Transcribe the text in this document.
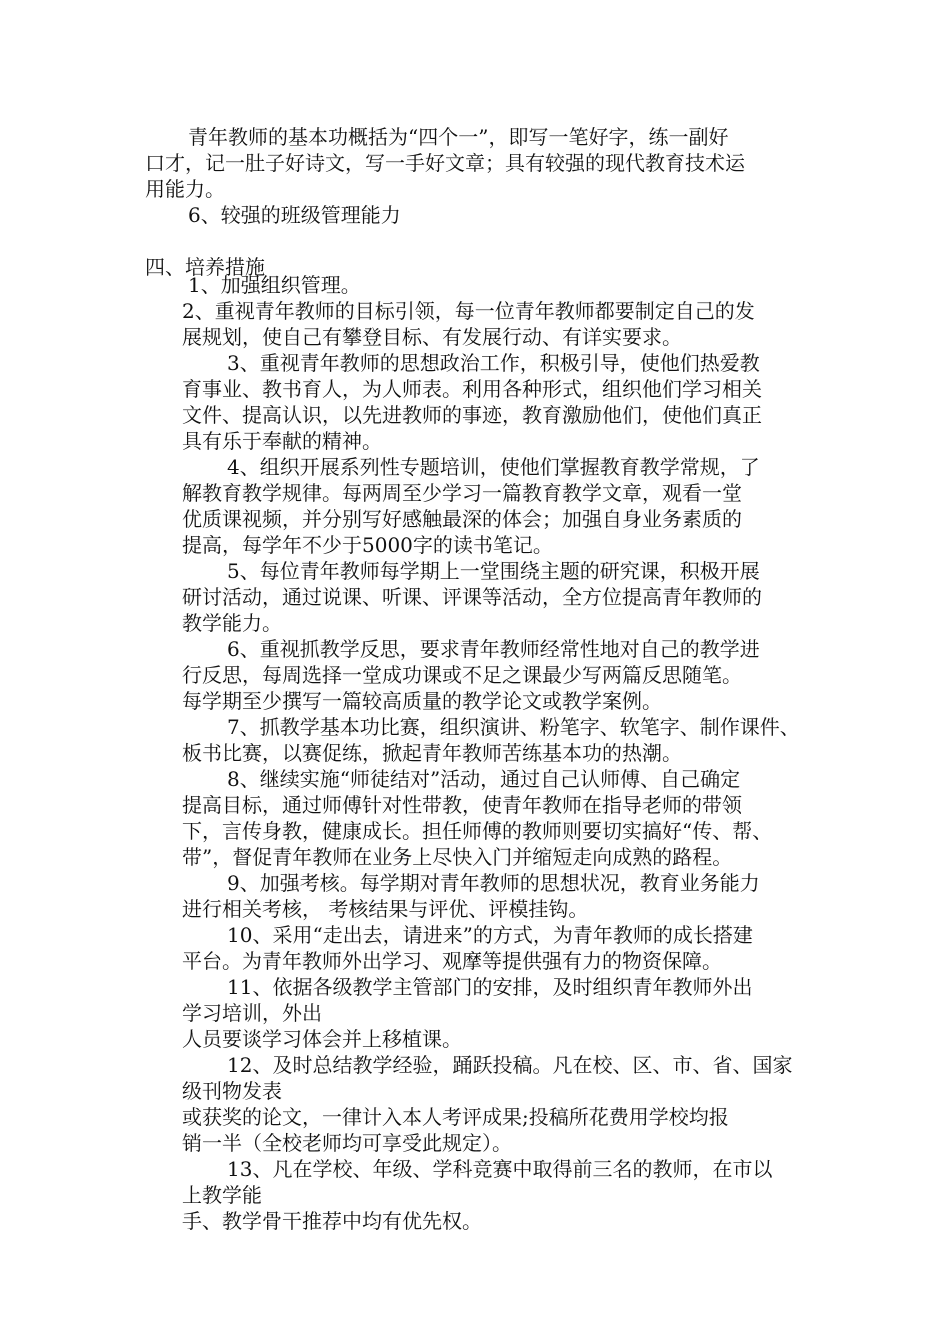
青年教师的基本功概括为“四个一”，即写一笔好字，练一副好
口才，记一肚子好诗文，写一手好文章；具有较强的现代教育技术运
用能力。
6、较强的班级管理能力
四、培养措施
1、加强组织管理。
2、重视青年教师的目标引领，每一位青年教师都要制定自己的发
展规划，使自己有攀登目标、有发展行动、有详实要求。
3、重视青年教师的思想政治工作，积极引导，使他们热爱教
育事业、教书育人，为人师表。利用各种形式，组织他们学习相关
文件、提高认识，以先进教师的事迹，教育激励他们，使他们真正
具有乐于奉献的精神。
4、组织开展系列性专题培训，使他们掌握教育教学常规，了
解教育教学规律。每两周至少学习一篇教育教学文章，观看一堂
优质课视频，并分别写好感触最深的体会；加强自身业务素质的
提高，每学年不少于5000字的读书笔记。
5、每位青年教师每学期上一堂围绕主题的研究课，积极开展
研讨活动，通过说课、听课、评课等活动，全方位提高青年教师的
教学能力。
6、重视抓教学反思，要求青年教师经常性地对自己的教学进
行反思，每周选择一堂成功课或不足之课最少写两篇反思随笔。
每学期至少撰写一篇较高质量的教学论文或教学案例。
7、抓教学基本功比赛，组织演讲、粉笔字、软笔字、制作课件、
板书比赛，以赛促练，掀起青年教师苦练基本功的热潮。
8、继续实施“师徒结对”活动，通过自己认师傅、自己确定
提高目标，通过师傅针对性带教，使青年教师在指导老师的带领
下，言传身教，健康成长。担任师傅的教师则要切实搞好“传、帮、
带”，督促青年教师在业务上尽快入门并缩短走向成熟的路程。
9、加强考核。每学期对青年教师的思想状况，教育业务能力
进行相关考核， 考核结果与评优、评模挂钩。
10、采用“走出去，请进来”的方式，为青年教师的成长搭建
平台。为青年教师外出学习、观摩等提供强有力的物资保障。
11、依据各级教学主管部门的安排，及时组织青年教师外出
学习培训，外出
人员要谈学习体会并上移植课。
12、及时总结教学经验，踊跃投稿。凡在校、区、市、省、国家
级刊物发表
或获奖的论文，一律计入本人考评成果;投稿所花费用学校均报
销一半（全校老师均可享受此规定）。
13、凡在学校、年级、学科竞赛中取得前三名的教师，在市以
上教学能
手、教学骨干推荐中均有优先权。
